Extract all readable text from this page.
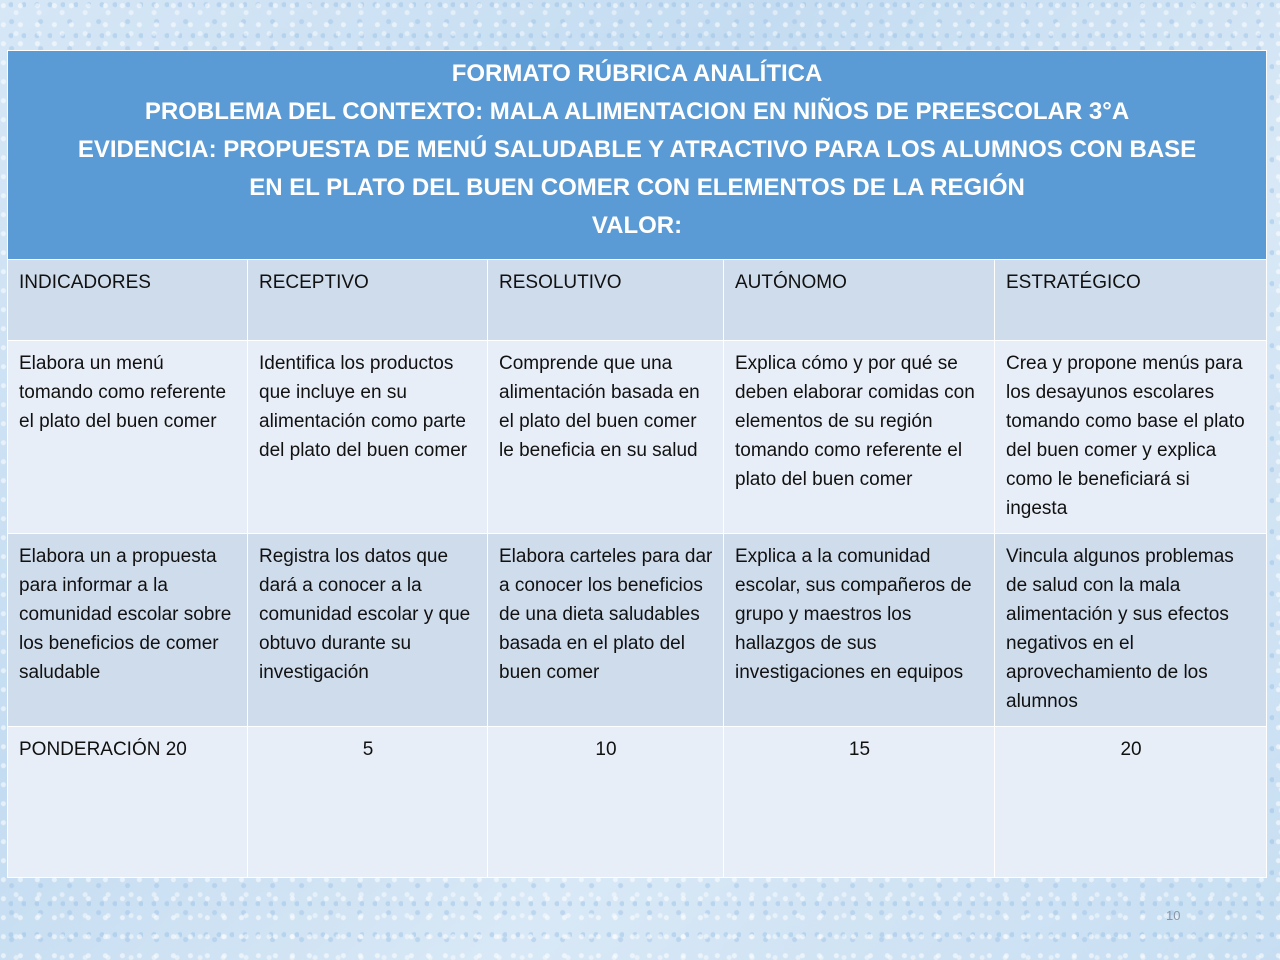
FORMATO RÚBRICA ANALÍTICA
PROBLEMA DEL CONTEXTO: MALA ALIMENTACION EN NIÑOS DE PREESCOLAR 3°A
EVIDENCIA: PROPUESTA DE MENÚ SALUDABLE Y ATRACTIVO PARA LOS ALUMNOS CON BASE
EN EL PLATO DEL BUEN COMER CON ELEMENTOS DE LA REGIÓN
VALOR:				

INDICADORES	RECEPTIVO	RESOLUTIVO	AUTÓNOMO	ESTRATÉGICO
Elabora un menú tomando como referente el plato del buen comer	Identifica los productos que incluye en su alimentación como parte del plato del buen comer	Comprende que una alimentación basada en el plato del buen comer le beneficia en su salud	Explica cómo y por qué se deben elaborar comidas con elementos de su región tomando como referente el plato del buen comer	Crea y propone menús para los desayunos escolares tomando como base el plato del buen comer y explica como le beneficiará si ingesta
Elabora un a propuesta para informar a la comunidad escolar sobre los beneficios de comer saludable	Registra los datos que dará a conocer a la comunidad escolar y que obtuvo durante su investigación	Elabora carteles para dar a conocer los beneficios de una dieta saludables basada en el plato del buen comer	Explica a la comunidad escolar, sus compañeros de grupo y maestros los hallazgos de sus investigaciones en equipos	Vincula algunos problemas de salud con la mala alimentación y sus efectos negativos en el aprovechamiento de los alumnos
PONDERACIÓN 20	5	10	15	20
10
